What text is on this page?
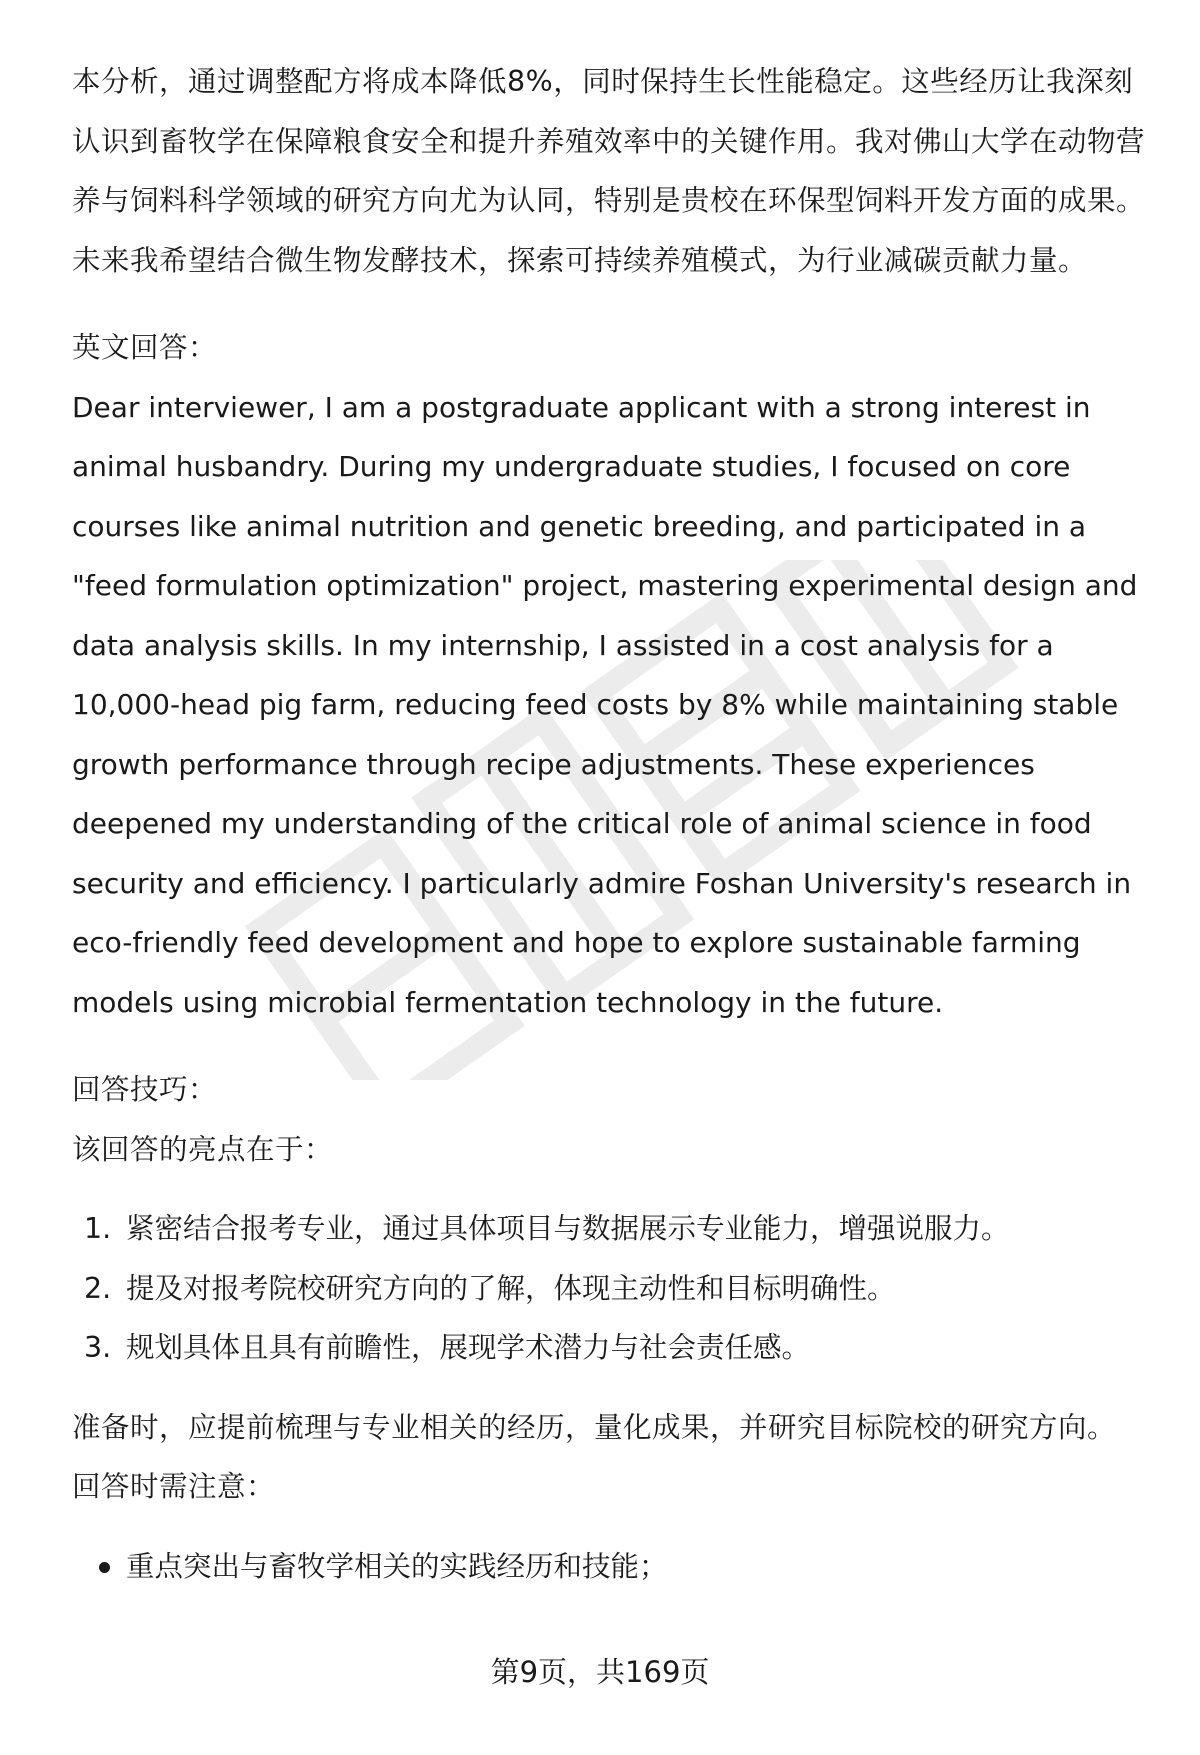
本分析，通过调整配方将成本降低8%，同时保持生长性能稳定。这些经历让我深刻认识到畜牧学在保障粮食安全和提升养殖效率中的关键作用。我对佛山大学在动物营养与饲料科学领域的研究方向尤为认同，特别是贵校在环保型饲料开发方面的成果。未来我希望结合微生物发酵技术，探索可持续养殖模式，为行业减碳贡献力量。

英文回答：

Dear interviewer, I am a postgraduate applicant with a strong interest in animal husbandry. During my undergraduate studies, I focused on core courses like animal nutrition and genetic breeding, and participated in a "feed formulation optimization" project, mastering experimental design and data analysis skills. In my internship, I assisted in a cost analysis for a 10,000-head pig farm, reducing feed costs by 8% while maintaining stable growth performance through recipe adjustments. These experiences deepened my understanding of the critical role of animal science in food security and efficiency. I particularly admire Foshan University's research in eco-friendly feed development and hope to explore sustainable farming models using microbial fermentation technology in the future.

回答技巧：

该回答的亮点在于：

1. 紧密结合报考专业，通过具体项目与数据展示专业能力，增强说服力。
2. 提及对报考院校研究方向的了解，体现主动性和目标明确性。
3. 规划具体且具有前瞻性，展现学术潜力与社会责任感。

准备时，应提前梳理与专业相关的经历，量化成果，并研究目标院校的研究方向。

回答时需注意：

重点突出与畜牧学相关的实践经历和技能；
第9页，共169页
